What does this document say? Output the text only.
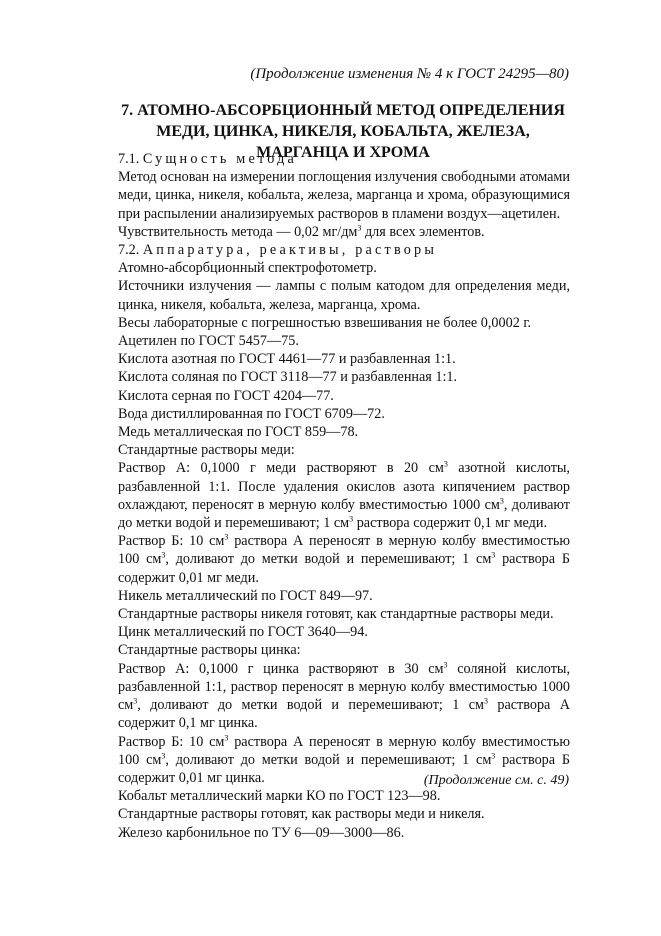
(Продолжение изменения № 4 к ГОСТ 24295—80)
7. АТОМНО-АБСОРБЦИОННЫЙ МЕТОД ОПРЕДЕЛЕНИЯ МЕДИ, ЦИНКА, НИКЕЛЯ, КОБАЛЬТА, ЖЕЛЕЗА, МАРГАНЦА И ХРОМА

7.1. Сущность метода

Метод основан на измерении поглощения излучения свободными атомами меди, цинка, никеля, кобальта, железа, марганца и хрома, образующимися при распылении анализируемых растворов в пламени воздух—ацетилен.

Чувствительность метода — 0,02 $мг/дм^3$ для всех элементов.

7.2. Аппаратура, реактивы, растворы

Атомно-абсорбционный спектрофотометр.

Источники излучения — лампы с полым катодом для определения меди, цинка, никеля, кобальта, железа, марганца, хрома.

Весы лабораторные с погрешностью взвешивания не более 0,0002 г.

Ацетилен по ГОСТ 5457—75.

Кислота азотная по ГОСТ 4461—77 и разбавленная 1:1.

Кислота соляная по ГОСТ 3118—77 и разбавленная 1:1.

Кислота серная по ГОСТ 4204—77.

Вода дистиллированная по ГОСТ 6709—72.

Медь металлическая по ГОСТ 859—78.

Стандартные растворы меди:

Раствор А: 0,1000 г меди растворяют в 20 $см^3$ азотной кислоты, разбавленной 1:1. После удаления окислов азота кипячением раствор охлаждают, переносят в мерную колбу вместимостью 1000 $см^3$, доливают до метки водой и перемешивают; 1 $см^3$ раствора содержит 0,1 мг меди.

Раствор Б: 10 $см^3$ раствора А переносят в мерную колбу вместимостью 100 $см^3$, доливают до метки водой и перемешивают; 1 $см^3$ раствора Б содержит 0,01 мг меди.

Никель металлический по ГОСТ 849—97.

Стандартные растворы никеля готовят, как стандартные растворы меди.

Цинк металлический по ГОСТ 3640—94.

Стандартные растворы цинка:

Раствор А: 0,1000 г цинка растворяют в 30 $см^3$ соляной кислоты, разбавленной 1:1, раствор переносят в мерную колбу вместимостью 1000 $см^3$, доливают до метки водой и перемешивают; 1 $см^3$ раствора А содержит 0,1 мг цинка.

Раствор Б: 10 $см^3$ раствора А переносят в мерную колбу вместимостью 100 $см^3$, доливают до метки водой и перемешивают; 1 $см^3$ раствора Б содержит 0,01 мг цинка.

Кобальт металлический марки КО по ГОСТ 123—98.

Стандартные растворы готовят, как растворы меди и никеля.

Железо карбонильное по ТУ 6—09—3000—86.

(Продолжение см. с. 49)
